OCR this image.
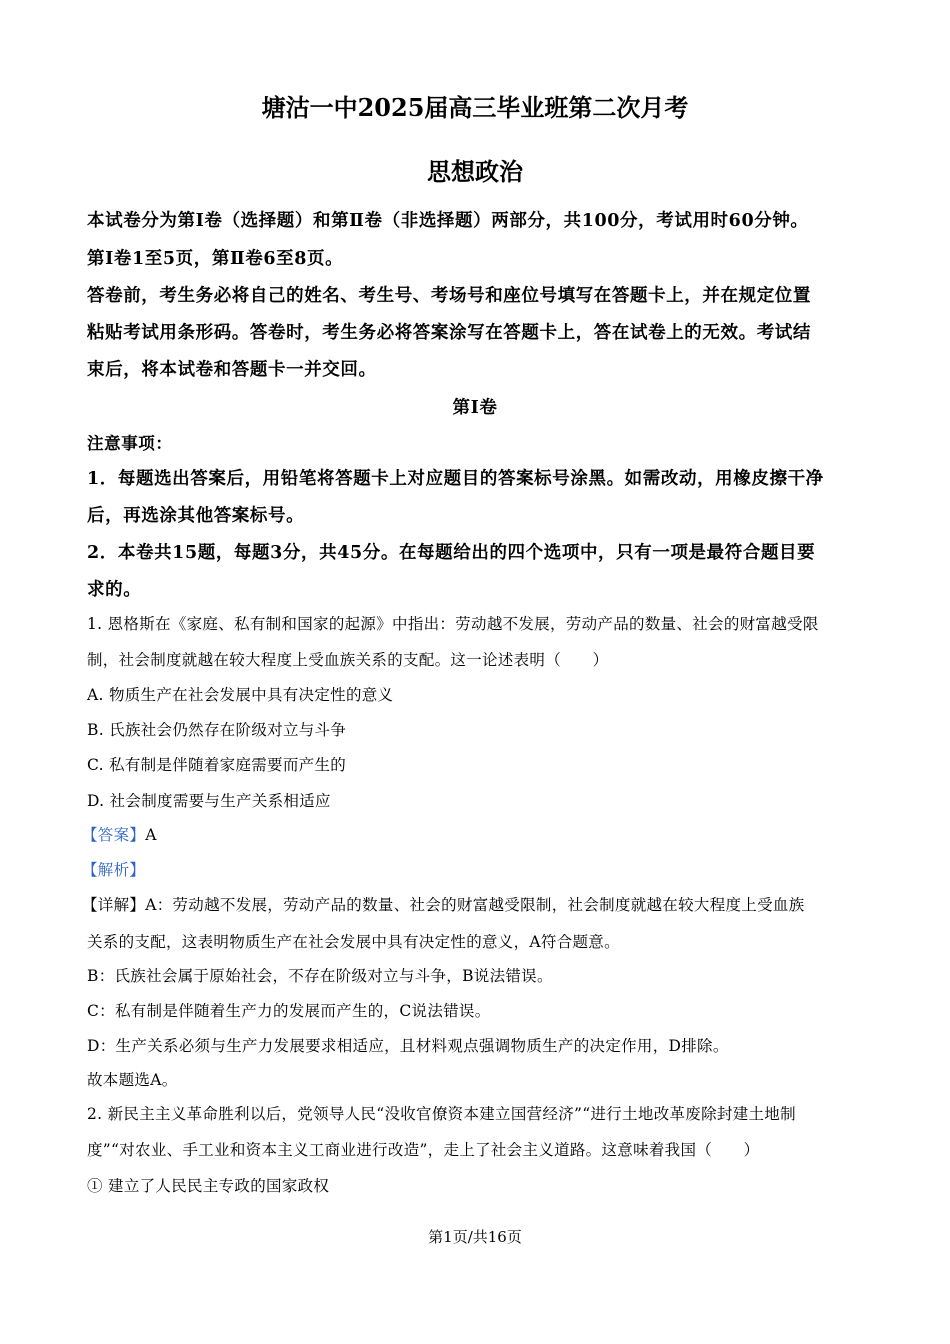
塘沽一中2025届高三毕业班第二次月考
思想政治
本试卷分为第Ⅰ卷（选择题）和第Ⅱ卷（非选择题）两部分，共100分，考试用时60分钟。
第Ⅰ卷1至5页，第Ⅱ卷6至8页。
答卷前，考生务必将自己的姓名、考生号、考场号和座位号填写在答题卡上，并在规定位置
粘贴考试用条形码。答卷时，考生务必将答案涂写在答题卡上，答在试卷上的无效。考试结
束后，将本试卷和答题卡一并交回。
第Ⅰ卷
注意事项：
1．每题选出答案后，用铅笔将答题卡上对应题目的答案标号涂黑。如需改动，用橡皮擦干净
后，再选涂其他答案标号。
2．本卷共15题，每题3分，共45分。在每题给出的四个选项中，只有一项是最符合题目要
求的。
1. 恩格斯在《家庭、私有制和国家的起源》中指出：劳动越不发展，劳动产品的数量、社会的财富越受限
制，社会制度就越在较大程度上受血族关系的支配。这一论述表明（　　）
A. 物质生产在社会发展中具有决定性的意义
B. 氏族社会仍然存在阶级对立与斗争
C. 私有制是伴随着家庭需要而产生的
D. 社会制度需要与生产关系相适应
【答案】A
【解析】
【详解】A：劳动越不发展，劳动产品的数量、社会的财富越受限制，社会制度就越在较大程度上受血族
关系的支配，这表明物质生产在社会发展中具有决定性的意义，A符合题意。
B：氏族社会属于原始社会，不存在阶级对立与斗争，B说法错误。
C：私有制是伴随着生产力的发展而产生的，C说法错误。
D：生产关系必须与生产力发展要求相适应，且材料观点强调物质生产的决定作用，D排除。
故本题选A。
2. 新民主主义革命胜利以后，党领导人民“没收官僚资本建立国营经济”“进行土地改革废除封建土地制
度”“对农业、手工业和资本主义工商业进行改造”，走上了社会主义道路。这意味着我国（　　）
① 建立了人民民主专政的国家政权
第1页/共16页
